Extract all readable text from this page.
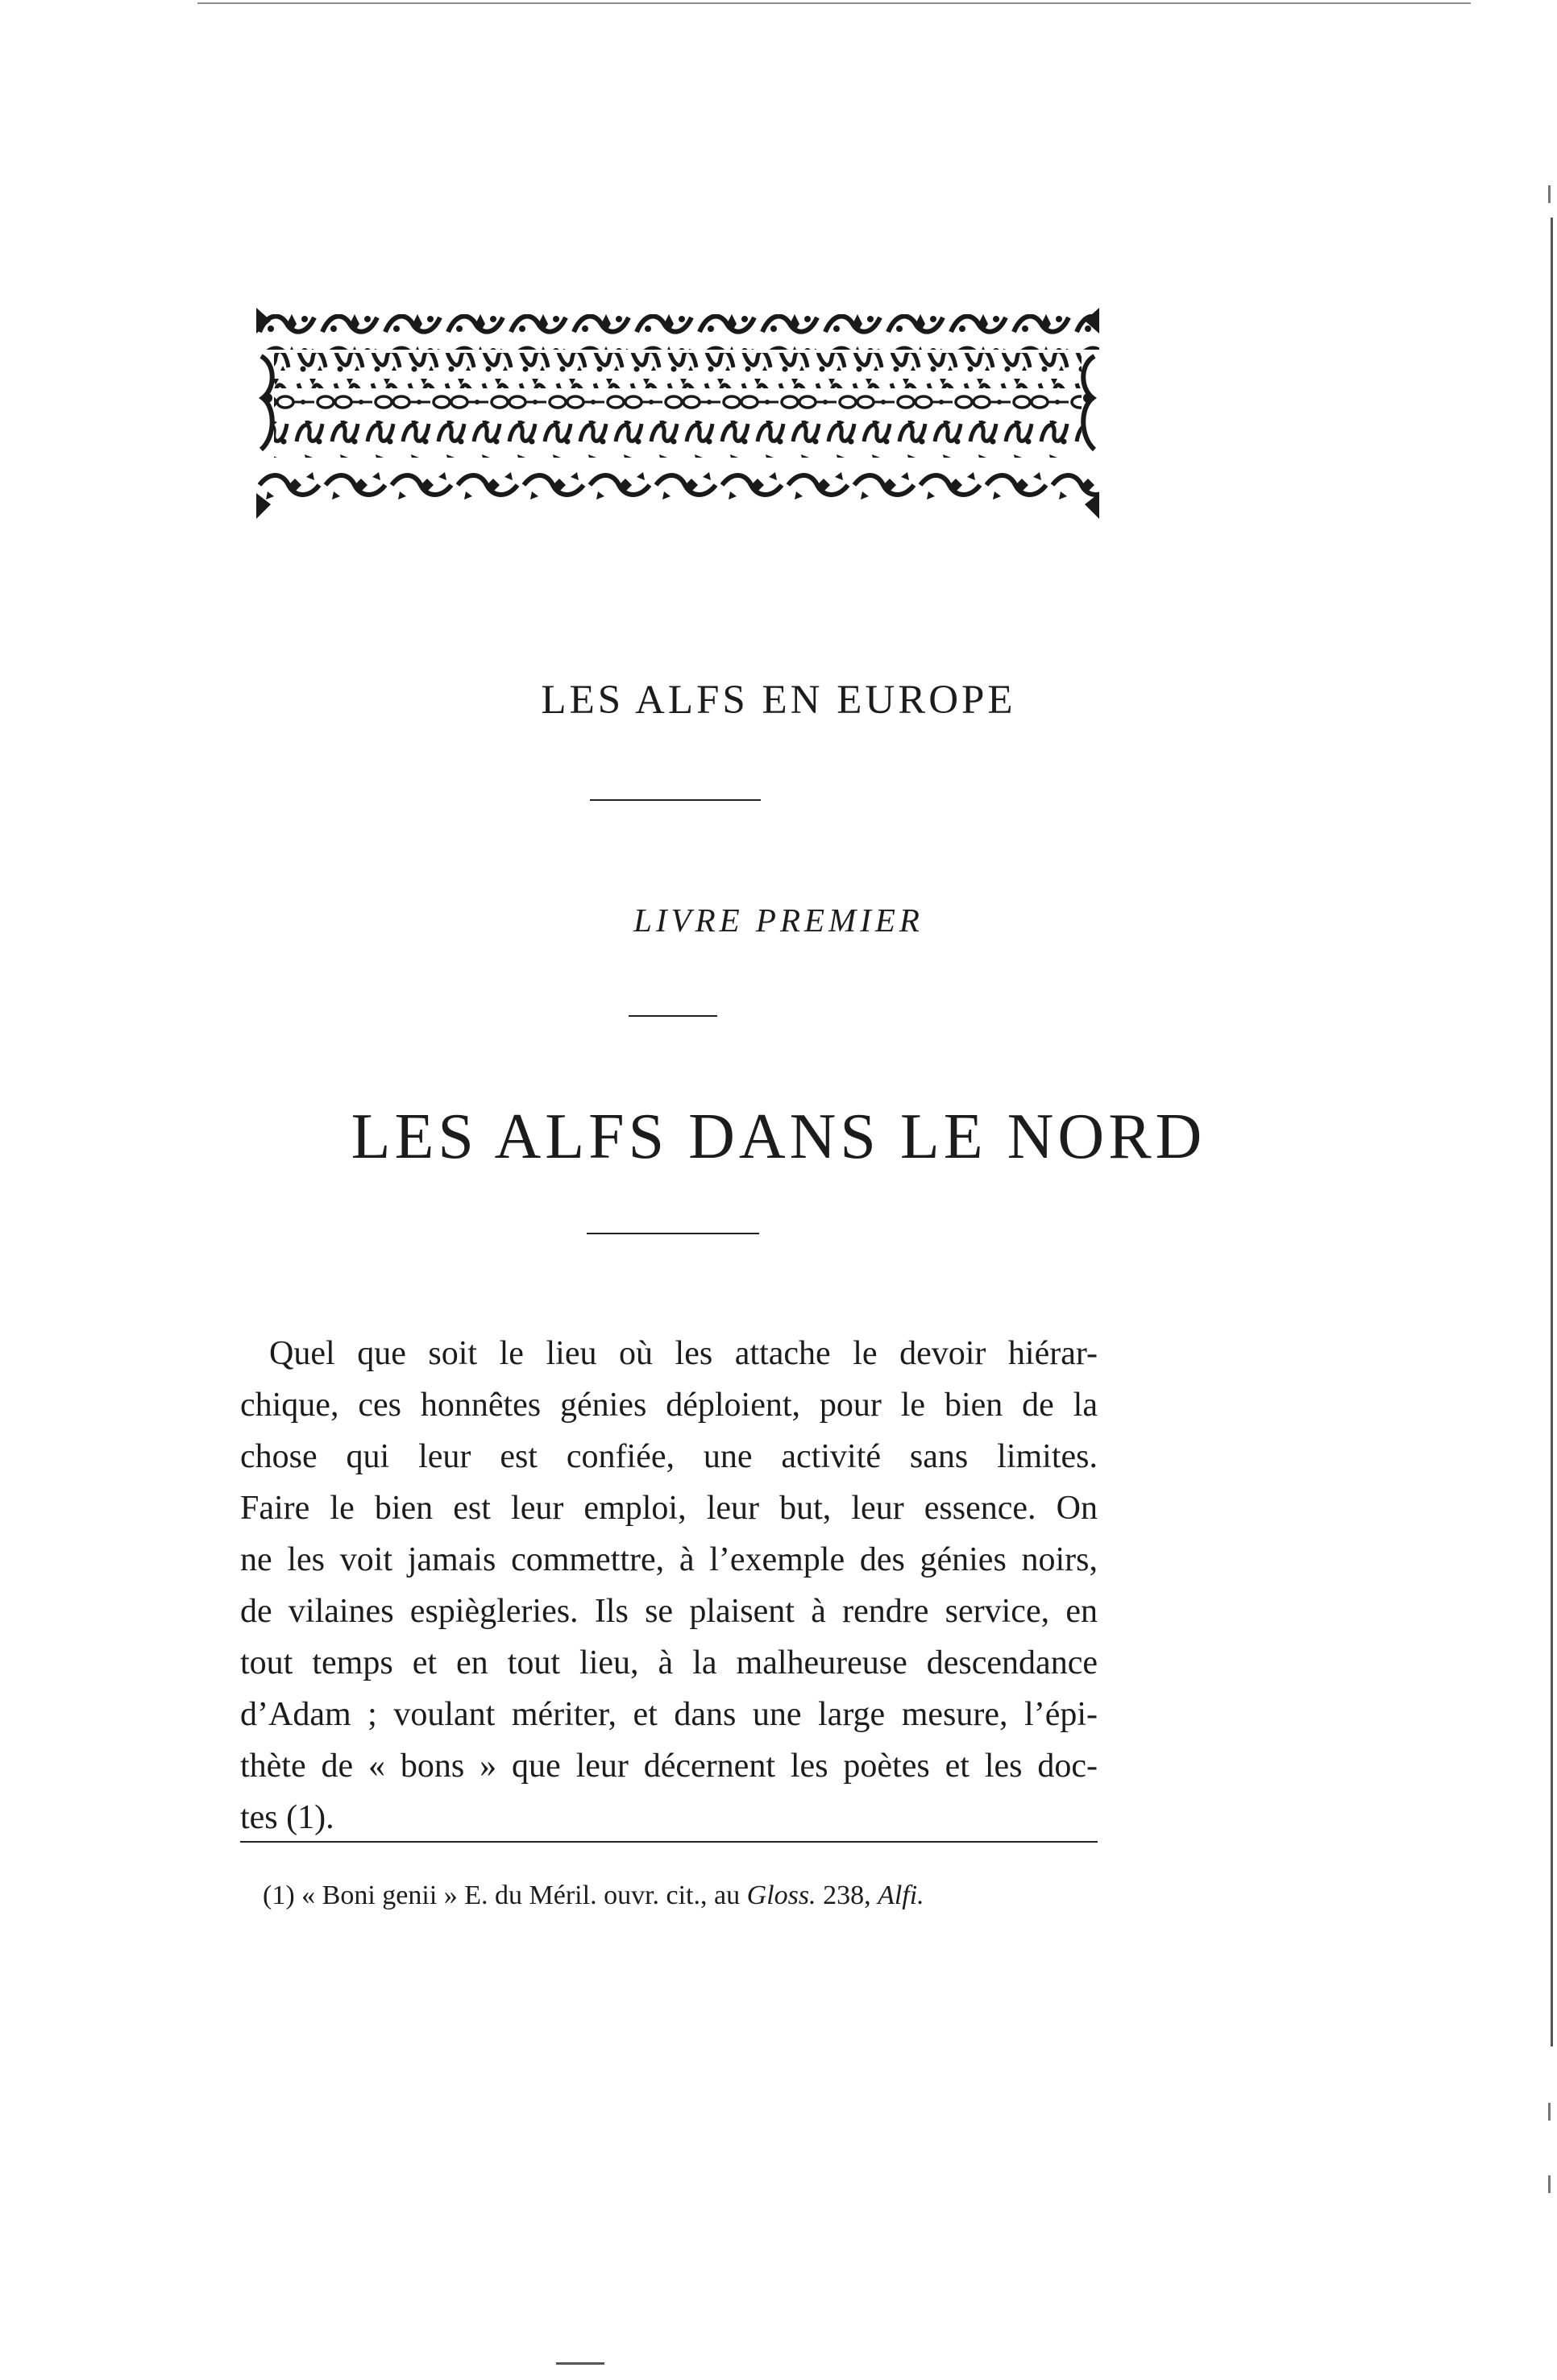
LES ALFS EN EUROPE
LIVRE PREMIER
LES ALFS DANS LE NORD
Quel que soit le lieu où les attache le devoir hiérar-
chique, ces honnêtes génies déploient, pour le bien de la
chose qui leur est confiée, une activité sans limites.
Faire le bien est leur emploi, leur but, leur essence. On
ne les voit jamais commettre, à l’exemple des génies noirs,
de vilaines espiègleries. Ils se plaisent à rendre service, en
tout temps et en tout lieu, à la malheureuse descendance
d’Adam ; voulant mériter, et dans une large mesure, l’épi-
thète de « bons » que leur décernent les poètes et les doc-
tes (1).
(1) « Boni genii » E. du Méril. ouvr. cit., au Gloss. 238, Alfi.
